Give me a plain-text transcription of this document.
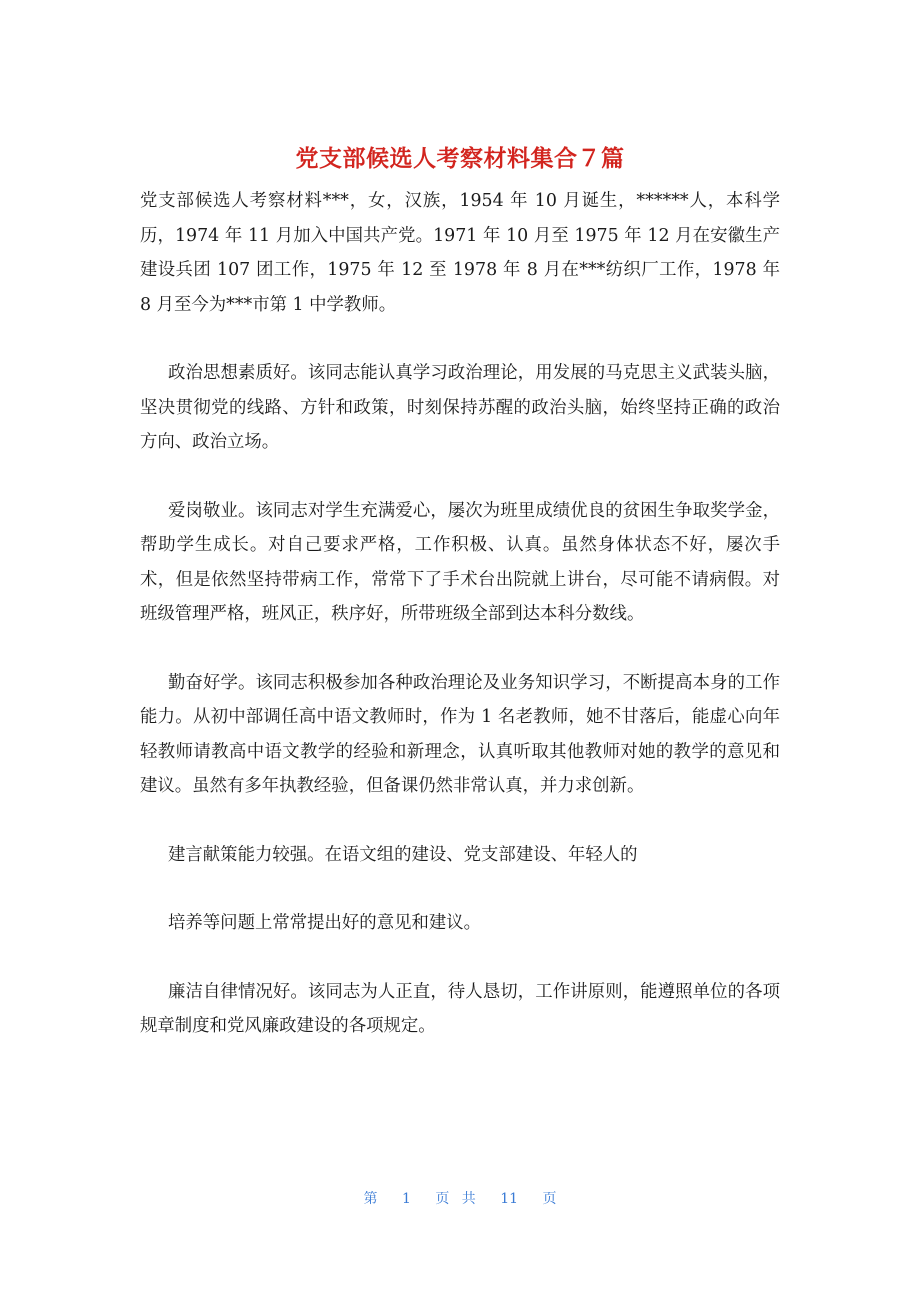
党支部候选人考察材料集合７篇

党支部候选人考察材料***，女，汉族，1954 年 10 月诞生，******人，本科学历，1974 年 11 月加入中国共产党。1971 年 10 月至 1975 年 12 月在安徽生产建设兵团 107 团工作，1975 年 12 至 1978 年 8 月在***纺织厂工作，1978 年 8 月至今为***市第 1 中学教师。

政治思想素质好。该同志能认真学习政治理论，用发展的马克思主义武装头脑，坚决贯彻党的线路、方针和政策，时刻保持苏醒的政治头脑，始终坚持正确的政治方向、政治立场。

爱岗敬业。该同志对学生充满爱心，屡次为班里成绩优良的贫困生争取奖学金，帮助学生成长。对自己要求严格，工作积极、认真。虽然身体状态不好，屡次手术，但是依然坚持带病工作，常常下了手术台出院就上讲台，尽可能不请病假。对班级管理严格，班风正，秩序好，所带班级全部到达本科分数线。

勤奋好学。该同志积极参加各种政治理论及业务知识学习，不断提高本身的工作能力。从初中部调任高中语文教师时，作为 1 名老教师，她不甘落后，能虚心向年轻教师请教高中语文教学的经验和新理念，认真听取其他教师对她的教学的意见和建议。虽然有多年执教经验，但备课仍然非常认真，并力求创新。

建言献策能力较强。在语文组的建设、党支部建设、年轻人的

培养等问题上常常提出好的意见和建议。

廉洁自律情况好。该同志为人正直，待人恳切，工作讲原则，能遵照单位的各项规章制度和党风廉政建设的各项规定。

第 1 页 共 11 页
